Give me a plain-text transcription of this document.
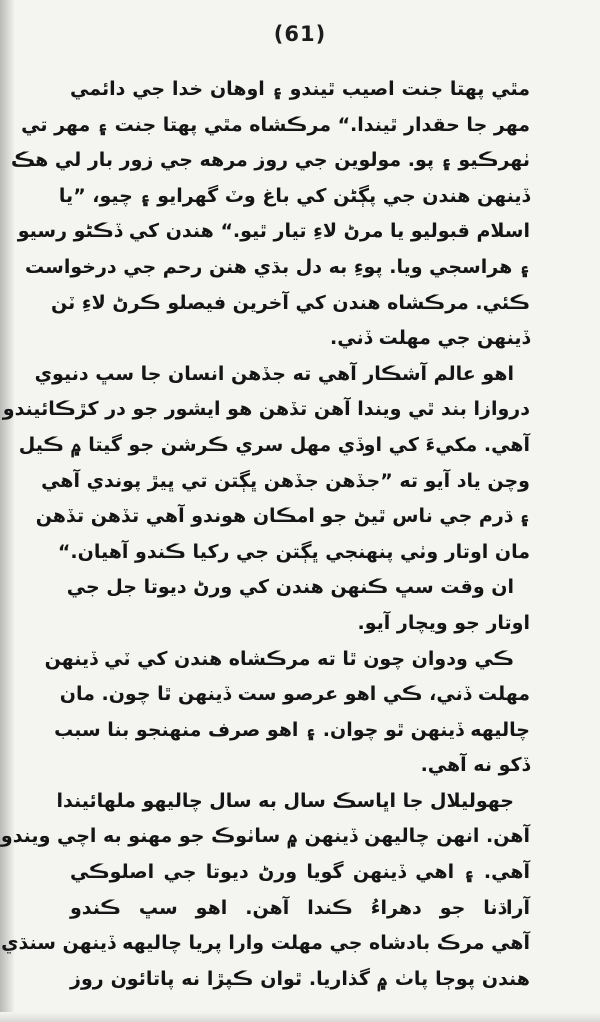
(61)
مٿي پهتا جنت اصيب ٿيندو ۽ اوهان خدا جي دائمي
مهر جا حقدار ٿيندا.“ مرڪشاه مٿي پهتا جنت ۽ مهر تي
ٺهرڪيو ۽ پو. مولوين جي روز مرهه جي زور بار لي هڪ
ڏينهن هندن جي پڳڻن کي باغ وٽ گهرايو ۽ چيو، ”يا
اسلام قبوليو يا مرڻ لاءِ تيار ٿيو.“ هندن کي ڏڪڻو رسيو
۽ هراسجي ويا. پوءِ به دل بڌي هنن رحم جي درخواست
ڪئي. مرڪشاه هندن کي آخرين فيصلو ڪرڻ لاءِ ٽن
ڏينهن جي مهلت ڏني.
اهو عالم آشڪار آهي ته جڏهن انسان جا سڀ دنيوي
دروازا بند ٿي ويندا آهن تڏهن هو ايشور جو در کڙڪائيندو
آهي. مکيءَ کي اوڏي مهل سري ڪرشن جو گيتا ۾ ڪيل
وچن ياد آيو ته ”جڏهن جڏهن ڀڳتن تي ڀيڙ پوندي آهي
۽ ڌرم جي ناس ٿيڻ جو امڪان هوندو آهي تڏهن تڏهن
مان اوتار وٺي پنهنجي ڀڳتن جي رکيا ڪندو آهيان.“
ان وقت سڀ ڪنهن هندن کي ورڻ ديوتا جل جي
اوتار جو ويچار آيو.
ڪي ودوان چون ٿا ته مرڪشاه هندن کي ٽي ڏينهن
مهلت ڏني، ڪي اهو عرصو ست ڏينهن ٿا چون. مان
چاليهه ڏينهن ٿو چوان. ۽ اهو صرف منهنجو بنا سبب
ڏکو نه آهي.
جهوليلال جا اڀاسڪ سال به سال چاليهو ملهائيندا
آهن. انهن چاليهن ڏينهن ۾ ساٺوڪ جو مهنو به اچي ويندو
آهي. ۽ اهي ڏينهن گويا ورڻ ديوتا جي اصلوڪي
آراڌنا جو دهراءُ ڪندا آهن. اهو سڀ ڪندو
آهي مرڪ بادشاه جي مهلت وارا پريا چاليهه ڏينهن سنڌي
هندن پوڄا پاٺ ۾ گذاريا. ٿوان ڪپڙا نه پاتائون روز
